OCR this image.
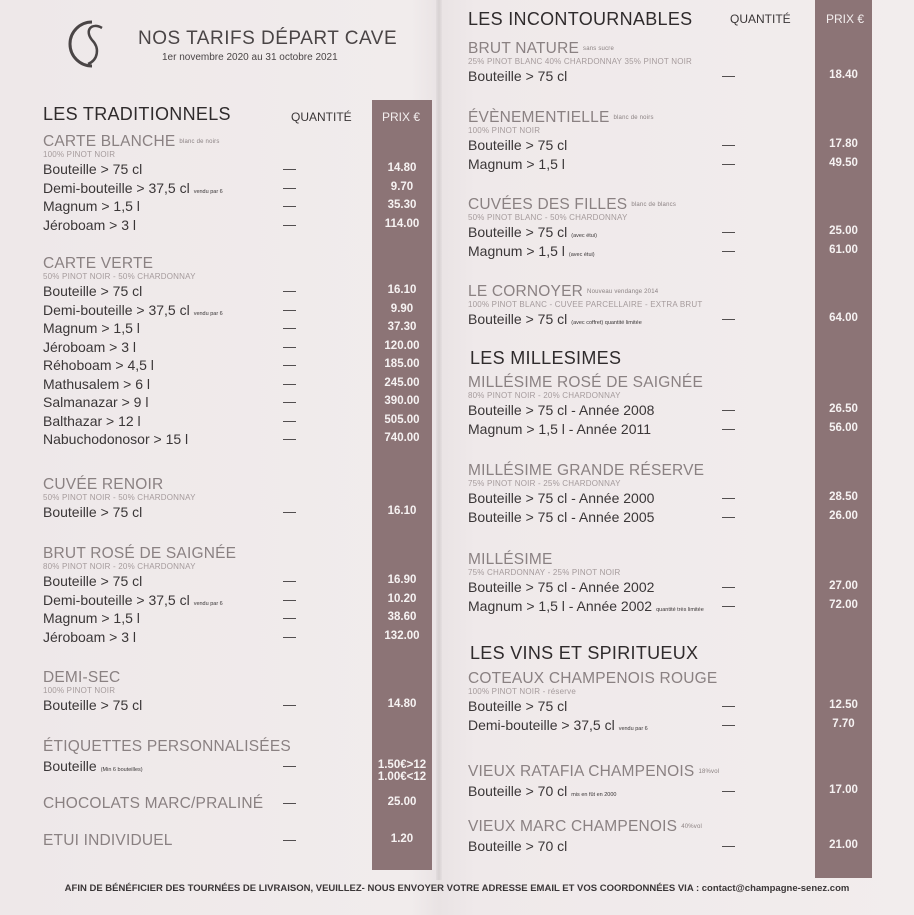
NOS TARIFS DÉPART CAVE
1er novembre 2020 au 31 octobre 2021
LES TRADITIONNELS	QUANTITÉ	PRIX €
LES INCONTOURNABLES	QUANTITÉ	PRIX €
LES MILLESIMES
LES VINS ET SPIRITUEUX
CARTE BLANCHE blanc de noirs
100% PINOT NOIR
Bouteille > 75 cl	—	14.80
Demi-bouteille > 37,5 cl vendu par 6	—	9.70
Magnum > 1,5 l	—	35.30
Jéroboam > 3 l	—	114.00
CARTE VERTE
50% PINOT NOIR - 50% CHARDONNAY
Bouteille > 75 cl	—	16.10
Demi-bouteille > 37,5 cl vendu par 6	—	9.90
Magnum > 1,5 l	—	37.30
Jéroboam > 3 l	—	120.00
Réhoboam > 4,5 l	—	185.00
Mathusalem > 6 l	—	245.00
Salmanazar > 9 l	—	390.00
Balthazar > 12 l	—	505.00
Nabuchodonosor > 15 l	—	740.00
CUVÉE RENOIR
50% PINOT NOIR - 50% CHARDONNAY
Bouteille > 75 cl	—	16.10
BRUT ROSÉ DE SAIGNÉE
80% PINOT NOIR - 20% CHARDONNAY
Bouteille > 75 cl	—	16.90
Demi-bouteille > 37,5 cl vendu par 6	—	10.20
Magnum > 1,5 l	—	38.60
Jéroboam > 3 l	—	132.00
DEMI-SEC
100% PINOT NOIR
Bouteille > 75 cl	—	14.80
ÉTIQUETTES PERSONNALISÉES
Bouteille (Min 6 bouteilles)	—	1.50€>12
1.00€<12
CHOCOLATS MARC/PRALINÉ —	25.00
ETUI INDIVIDUEL	—	1.20
BRUT NATURE sans sucre
25% PINOT BLANC 40% CHARDONNAY 35% PINOT NOIR
Bouteille > 75 cl	—	18.40
ÉVÈNEMENTIELLE blanc de noirs
100% PINOT NOIR
Bouteille > 75 cl	—	17.80
Magnum > 1,5 l	—	49.50
CUVÉES DES FILLES blanc de blancs
50% PINOT BLANC - 50% CHARDONNAY
Bouteille > 75 cl (avec étui)	—	25.00
Magnum > 1,5 l (avec étui)	—	61.00
LE CORNOYER Nouveau vendange 2014
100% PINOT BLANC - CUVEE PARCELLAIRE - EXTRA BRUT
Bouteille > 75 cl (avec coffret) quantité limitée	—	64.00
MILLÉSIME ROSÉ DE SAIGNÉE
80% PINOT NOIR - 20% CHARDONNAY
Bouteille > 75 cl - Année 2008	—	26.50
Magnum > 1,5 l - Année 2011	—	56.00
MILLÉSIME GRANDE RÉSERVE
75% PINOT NOIR - 25% CHARDONNAY
Bouteille > 75 cl - Année 2000	—	28.50
Bouteille > 75 cl - Année 2005	—	26.00
MILLÉSIME
75% CHARDONNAY - 25% PINOT NOIR
Bouteille > 75 cl - Année 2002	—	27.00
Magnum > 1,5 l - Année 2002 quantité très limitée —	72.00
COTEAUX CHAMPENOIS ROUGE
100% PINOT NOIR - réserve
Bouteille > 75 cl	—	12.50
Demi-bouteille > 37,5 cl vendu par 6	—	7.70
VIEUX RATAFIA CHAMPENOIS 18%vol
Bouteille > 70 cl mis en fût en 2000	—	17.00
VIEUX MARC CHAMPENOIS 40%vol
Bouteille > 70 cl	—	21.00
AFIN DE BÉNÉFICIER DES TOURNÉES DE LIVRAISON, VEUILLEZ- NOUS ENVOYER VOTRE ADRESSE EMAIL ET VOS COORDONNÉES VIA : contact@champagne-senez.com
